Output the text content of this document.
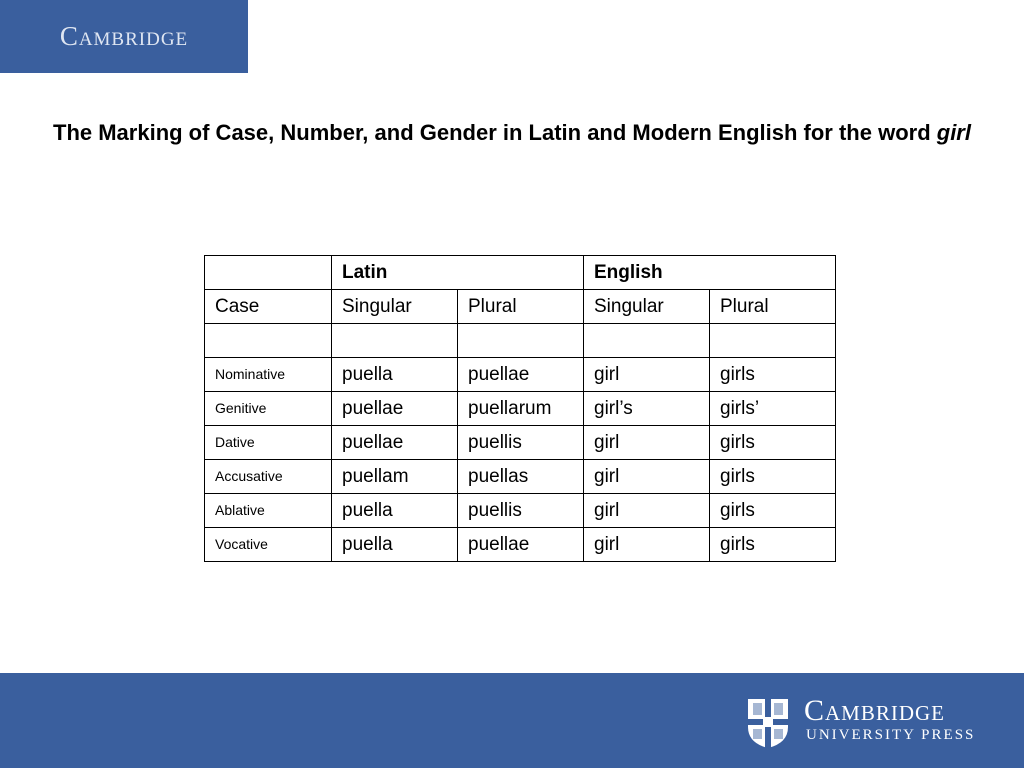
Cambridge
The Marking of Case, Number, and Gender in Latin and Modern English for the word girl
	Latin		English	
Case	Singular	Plural	Singular	Plural

Nominative	puella	puellae	girl	girls
Genitive	puellae	puellarum	girl’s	girls’
Dative	puellae	puellis	girl	girls
Accusative	puellam	puellas	girl	girls
Ablative	puella	puellis	girl	girls
Vocative	puella	puellae	girl	girls
Cambridge
UNIVERSITY PRESS
